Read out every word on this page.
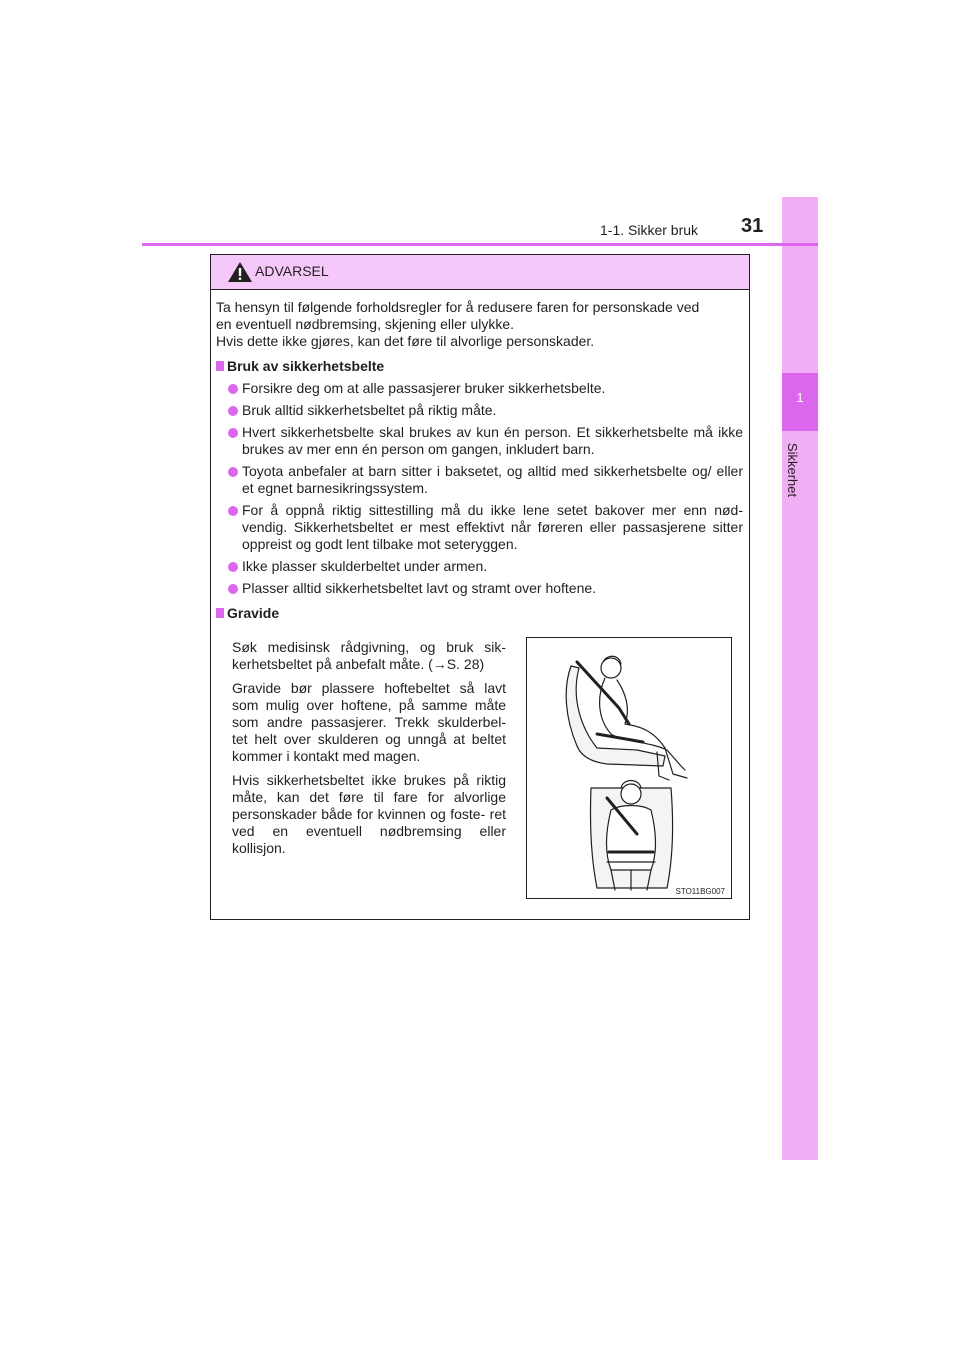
1
Sikkerhet
1-1. Sikker bruk 31
ADVARSEL

Ta hensyn til følgende forholdsregler for å redusere faren for personskade ved

en eventuell nødbremsing, skjening eller ulykke.

Hvis dette ikke gjøres, kan det føre til alvorlige personskader.

Bruk av sikkerhetsbelte
Forsikre deg om at alle passasjerer bruker sikkerhetsbelte.
Bruk alltid sikkerhetsbeltet på riktig måte.
Hvert sikkerhetsbelte skal brukes av kun én person. Et sikkerhetsbelte må ikke brukes av mer enn én person om gangen, inkludert barn.
Toyota anbefaler at barn sitter i baksetet, og alltid med sikkerhetsbelte og/ eller et egnet barnesikringssystem.
For å oppnå riktig sittestilling må du ikke lene setet bakover mer enn nød- vendig. Sikkerhetsbeltet er mest effektivt når føreren eller passasjerene sitter oppreist og godt lent tilbake mot seteryggen.
Ikke plasser skulderbeltet under armen.
Plasser alltid sikkerhetsbeltet lavt og stramt over hoftene.
Gravide

Søk medisinsk rådgivning, og bruk sik- kerhetsbeltet på anbefalt måte. (→S. 28)

Gravide bør plassere hoftebeltet så lavt som mulig over hoftene, på samme måte som andre passasjerer. Trekk skulderbel- tet helt over skulderen og unngå at beltet kommer i kontakt med magen.

Hvis sikkerhetsbeltet ikke brukes på riktig måte, kan det føre til fare for alvorlige personskader både for kvinnen og foste- ret ved en eventuell nødbremsing eller kollisjon.

STO11BG007
